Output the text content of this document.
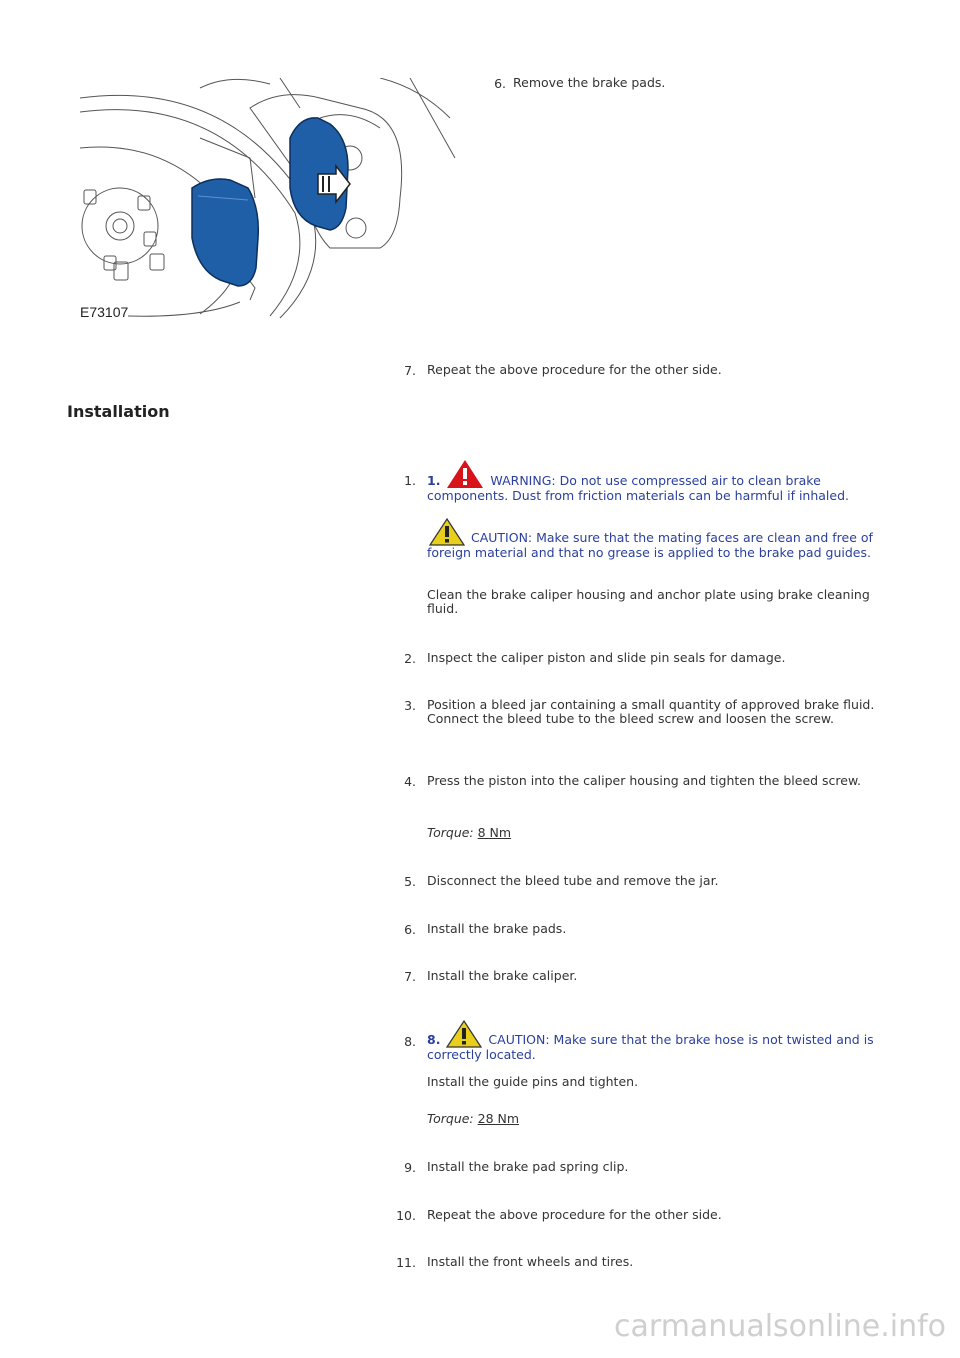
E73107
6. Remove the brake pads.
7. Repeat the above procedure for the other side.
Installation
1. 1.	WARNING: Do not use compressed air to clean brake components. Dust from friction materials can be harmful if inhaled.
CAUTION: Make sure that the mating faces are clean and free of foreign material and that no grease is applied to the brake pad guides.
Clean the brake caliper housing and anchor plate using brake cleaning fluid.
2. Inspect the caliper piston and slide pin seals for damage.
3. Position a bleed jar containing a small quantity of approved brake fluid. Connect the bleed tube to the bleed screw and loosen the screw.
4. Press the piston into the caliper housing and tighten the bleed screw.
Torque: 8 Nm
5. Disconnect the bleed tube and remove the jar.
6. Install the brake pads.
7. Install the brake caliper.
8. 8.	CAUTION: Make sure that the brake hose is not twisted and is correctly located.
Install the guide pins and tighten.
Torque: 28 Nm
9. Install the brake pad spring clip.
10. Repeat the above procedure for the other side.
11. Install the front wheels and tires.
carmanualsonline.info
